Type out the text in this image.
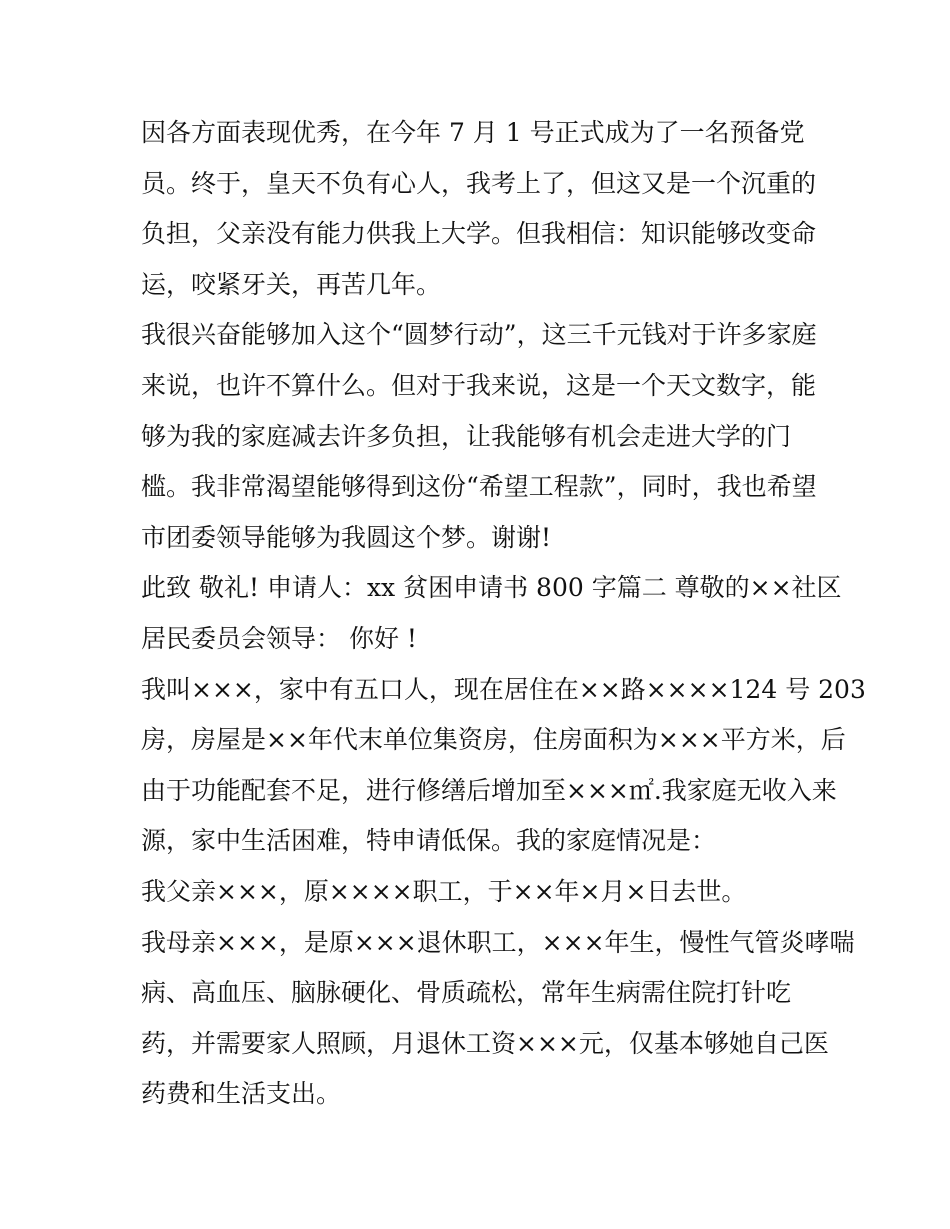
因各方面表现优秀，在今年 7 月 1 号正式成为了一名预备党
员。终于，皇天不负有心人，我考上了，但这又是一个沉重的
负担，父亲没有能力供我上大学。但我相信：知识能够改变命
运，咬紧牙关，再苦几年。

我很兴奋能够加入这个“圆梦行动”，这三千元钱对于许多家庭
来说，也许不算什么。但对于我来说，这是一个天文数字，能
够为我的家庭减去许多负担，让我能够有机会走进大学的门
槛。我非常渴望能够得到这份“希望工程款”，同时，我也希望
市团委领导能够为我圆这个梦。谢谢!

此致 敬礼! 申请人：xx 贫困申请书 800 字篇二 尊敬的××社区
居民委员会领导： 你好 !

我叫×××，家中有五口人，现在居住在××路××××124 号 203
房，房屋是××年代末单位集资房，住房面积为×××平方米，后
由于功能配套不足，进行修缮后增加至×××㎡.我家庭无收入来
源，家中生活困难，特申请低保。我的家庭情况是：

我父亲×××，原××××职工，于××年×月×日去世。

我母亲×××，是原×××退休职工，×××年生，慢性气管炎哮喘
病、高血压、脑脉硬化、骨质疏松，常年生病需住院打针吃
药，并需要家人照顾，月退休工资×××元，仅基本够她自己医
药费和生活支出。
